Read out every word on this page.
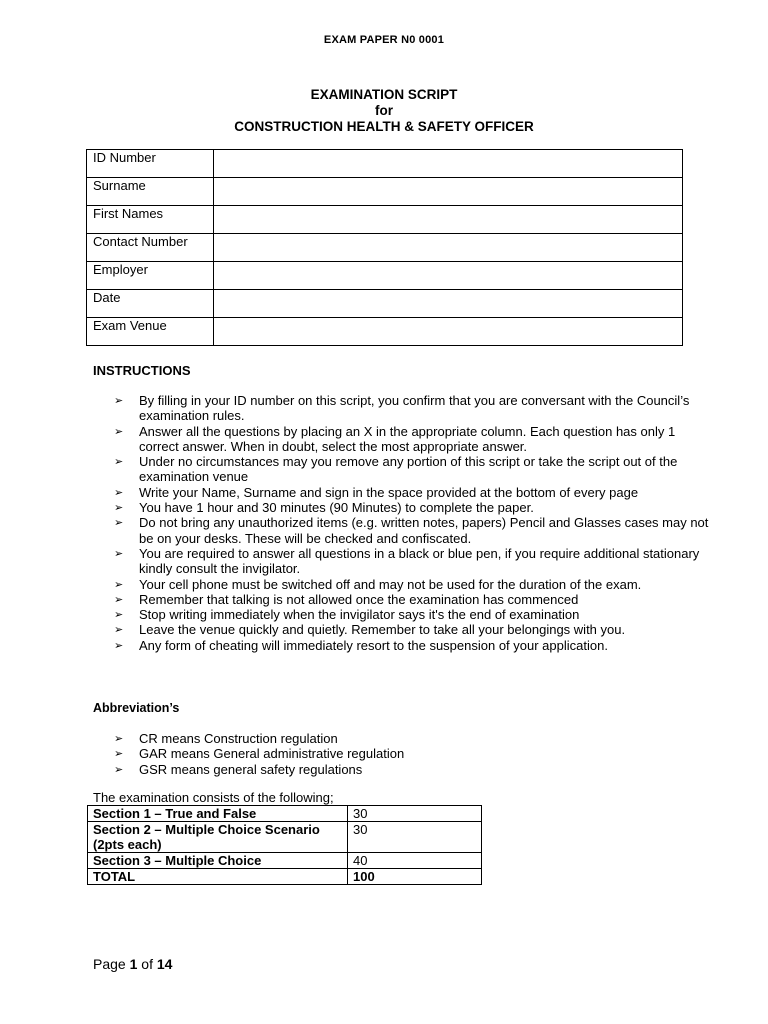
EXAM PAPER N0 0001
EXAMINATION SCRIPT
for
CONSTRUCTION HEALTH & SAFETY OFFICER
ID Number	
Surname	
First Names	
Contact Number	
Employer	
Date	
Exam Venue	
INSTRUCTIONS
➢ By filling in your ID number on this script, you confirm that you are conversant with the Council’s examination rules.
➢ Answer all the questions by placing an X in the appropriate column. Each question has only 1 correct answer. When in doubt, select the most appropriate answer.
➢ Under no circumstances may you remove any portion of this script or take the script out of the examination venue
➢ Write your Name, Surname and sign in the space provided at the bottom of every page
➢ You have 1 hour and 30 minutes (90 Minutes) to complete the paper.
➢ Do not bring any unauthorized items (e.g. written notes, papers) Pencil and Glasses cases may not be on your desks. These will be checked and confiscated.
➢ You are required to answer all questions in a black or blue pen, if you require additional stationary kindly consult the invigilator.
➢ Your cell phone must be switched off and may not be used for the duration of the exam.
➢ Remember that talking is not allowed once the examination has commenced
➢ Stop writing immediately when the invigilator says it's the end of examination
➢ Leave the venue quickly and quietly. Remember to take all your belongings with you.
➢ Any form of cheating will immediately resort to the suspension of your application.
Abbreviation’s
➢ CR means Construction regulation
➢ GAR means General administrative regulation
➢ GSR means general safety regulations
The examination consists of the following;
Section 1 – True and False	30
Section 2 – Multiple Choice Scenario (2pts each)	30
Section 3 – Multiple Choice	40
TOTAL	100
Page 1 of 14
